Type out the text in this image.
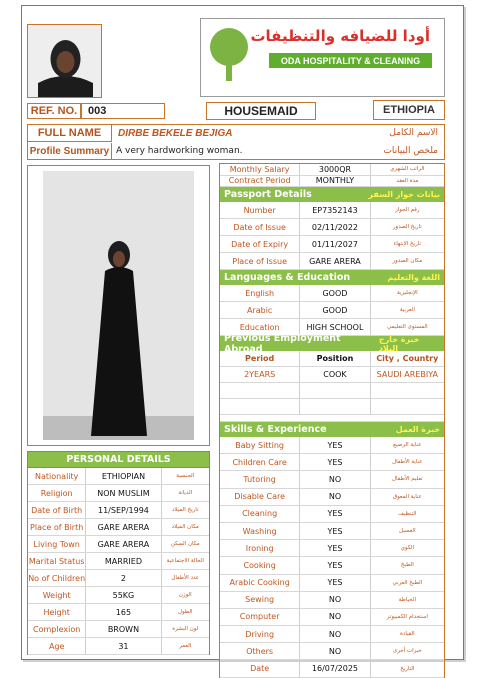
أودا للضيافه والتنظيفات
ODA HOSPITALITY & CLEANING
REF. NO. 003	HOUSEMAID	ETHIOPIA
FULL NAME DIRBE BEKELE BEJIGA	الاسم الكامل
Profile Summary A very hardworking woman.	ملخص البيانات
PERSONAL DETAILS
Nationality	ETHIOPIAN	الجنسية
Religion	NON MUSLIM	الديانة
Date of Birth	11/SEP/1994	تاريخ الميلاد
Place of Birth	GARE ARERA	مكان الميلاد
Living Town	GARE ARERA	مكان السكن
Marital Status	MARRIED	الحالة الاجتماعية
No of Children	2	عدد الأطفال
Weight	55KG	الوزن
Height	165	الطول
Complexion	BROWN	لون البشرة
Age	31	العمر
Monthly Salary	3000QR	الراتب الشهري
Contract Period	MONTHLY	مدة العقد
Passport Details	بيانات جواز السفر
Number	EP7352143	رقم الجواز
Date of Issue	02/11/2022	تاريخ الصدور
Date of Expiry	01/11/2027	تاريخ الإنتهاء
Place of Issue	GARE ARERA	مكان الصدور
Languages & Education	اللغة والتعليم
English	GOOD	الإنجليزية
Arabic	GOOD	العربية
Education	HIGH SCHOOL	المستوى التعليمي
Previous Employment Abroad
خبرة خارج البلاد
Period	Position	City , Country
2YEARS	COOK	SAUDI AREBIYA
Skills & Experience	خبرة العمل
Baby Sitting	YES	عناية الرضيع
Children Care	YES	عناية الأطفال
Tutoring	NO	تعليم الأطفال
Disable Care	NO	عناية المعوق
Cleaning	YES	التنظيف
Washing	YES	الغسيل
Ironing	YES	الكوي
Cooking	YES	الطبخ
Arabic Cooking	YES	الطبخ العربي
Sewing	NO	الخياطة
Computer	NO	استخدام الكمبيوتر
Driving	NO	القيادة
Others	NO	خبرات أخرى
Date	16/07/2025	التاريخ
